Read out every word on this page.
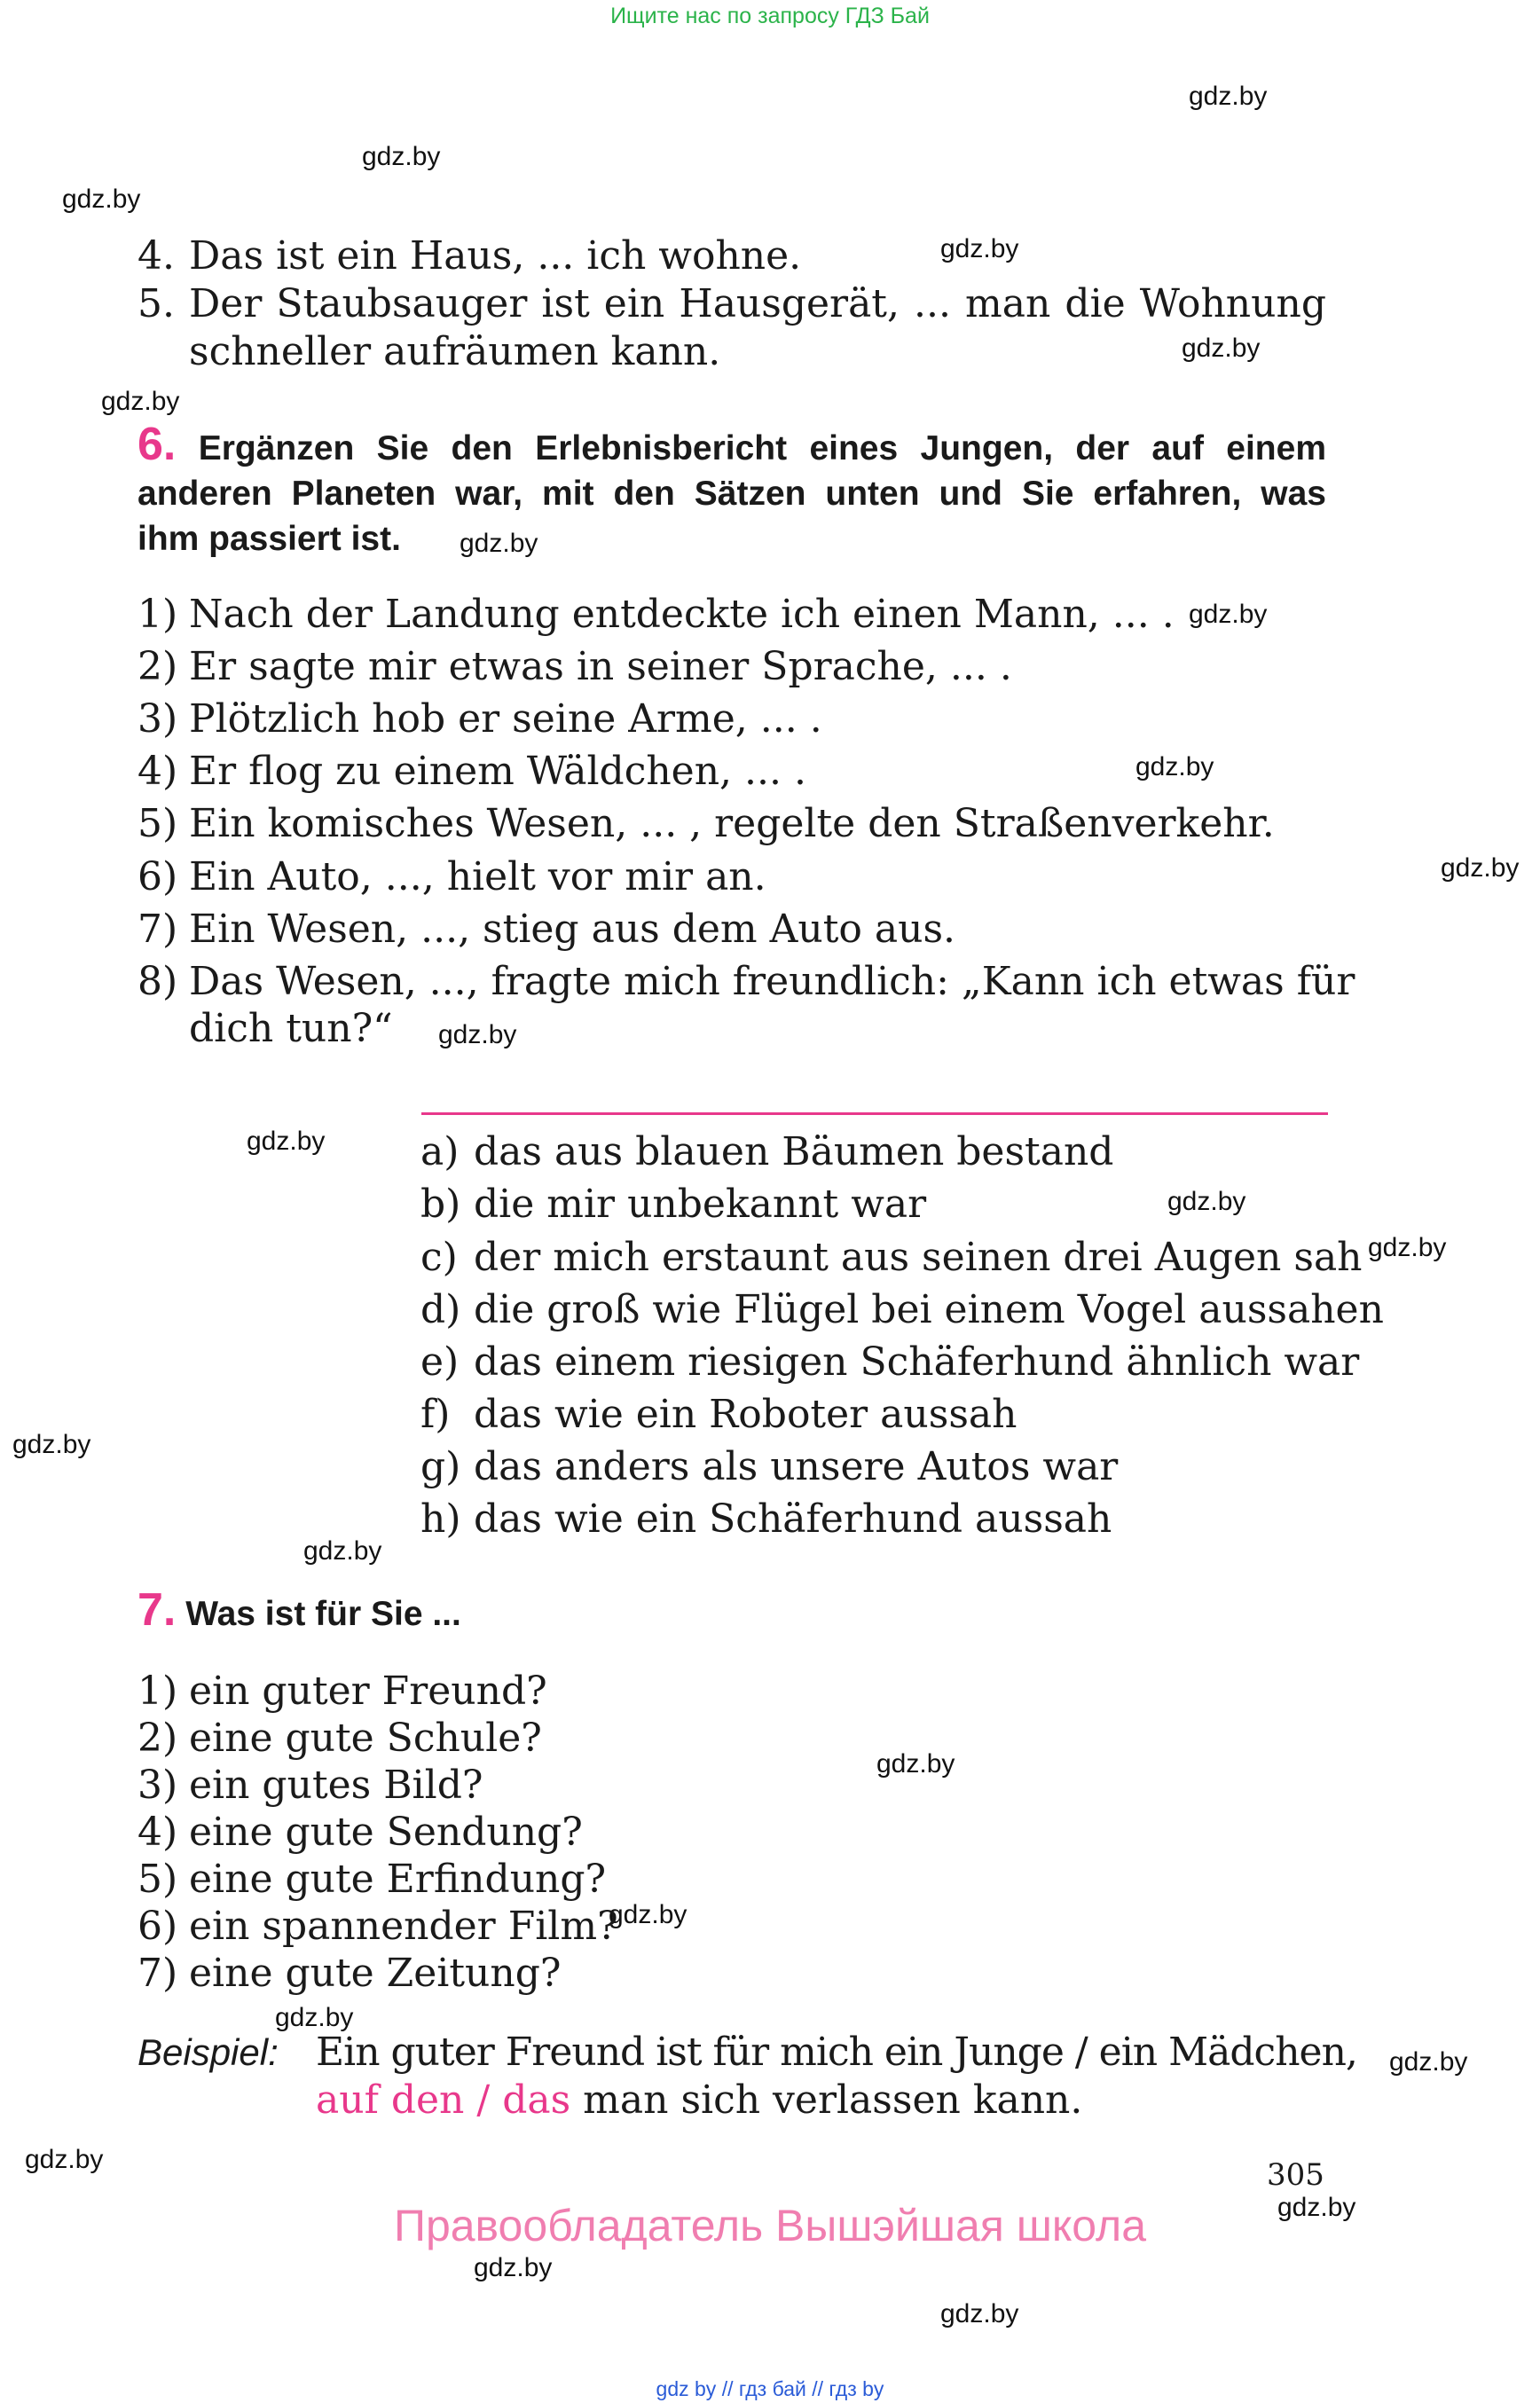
Ищите нас по запросу ГДЗ Бай
gdz.by
gdz.by
gdz.by
gdz.by
gdz.by
gdz.by
gdz.by
gdz.by
gdz.by
gdz.by
gdz.by
gdz.by
gdz.by
gdz.by
gdz.by
gdz.by
gdz.by
gdz.by
gdz.by
gdz.by
gdz.by
gdz.by
gdz.by
gdz.by
4. Das ist ein Haus, ... ich wohne.
5. Der Staubsauger ist ein Hausgerät, ... man die Wohnung
schneller aufräumen kann.
6. Ergänzen Sie den Erlebnisbericht eines Jungen, der auf einem
anderen Planeten war, mit den Sätzen unten und Sie erfahren, was
ihm passiert ist.
1) Nach der Landung entdeckte ich einen Mann, ... .
2) Er sagte mir etwas in seiner Sprache, ... .
3) Plötzlich hob er seine Arme, ... .
4) Er flog zu einem Wäldchen, ... .
5) Ein komisches Wesen, ... , regelte den Straßenverkehr.
6) Ein Auto, ..., hielt vor mir an.
7) Ein Wesen, ..., stieg aus dem Auto aus.
8) Das Wesen, ..., fragte mich freundlich: „Kann ich etwas für
dich tun?“
a) das aus blauen Bäumen bestand
b) die mir unbekannt war
c) der mich erstaunt aus seinen drei Augen sah
d) die groß wie Flügel bei einem Vogel aussahen
e) das einem riesigen Schäferhund ähnlich war
f) das wie ein Roboter aussah
g) das anders als unsere Autos war
h) das wie ein Schäferhund aussah
7. Was ist für Sie ...
1) ein guter Freund?
2) eine gute Schule?
3) ein gutes Bild?
4) eine gute Sendung?
5) eine gute Erfindung?
6) ein spannender Film?
7) eine gute Zeitung?
Beispiel: Ein guter Freund ist für mich ein Junge / ein Mädchen,
auf den / das man sich verlassen kann.
305
Правообладатель Вышэйшая школа
gdz by // гдз бай // гдз by
